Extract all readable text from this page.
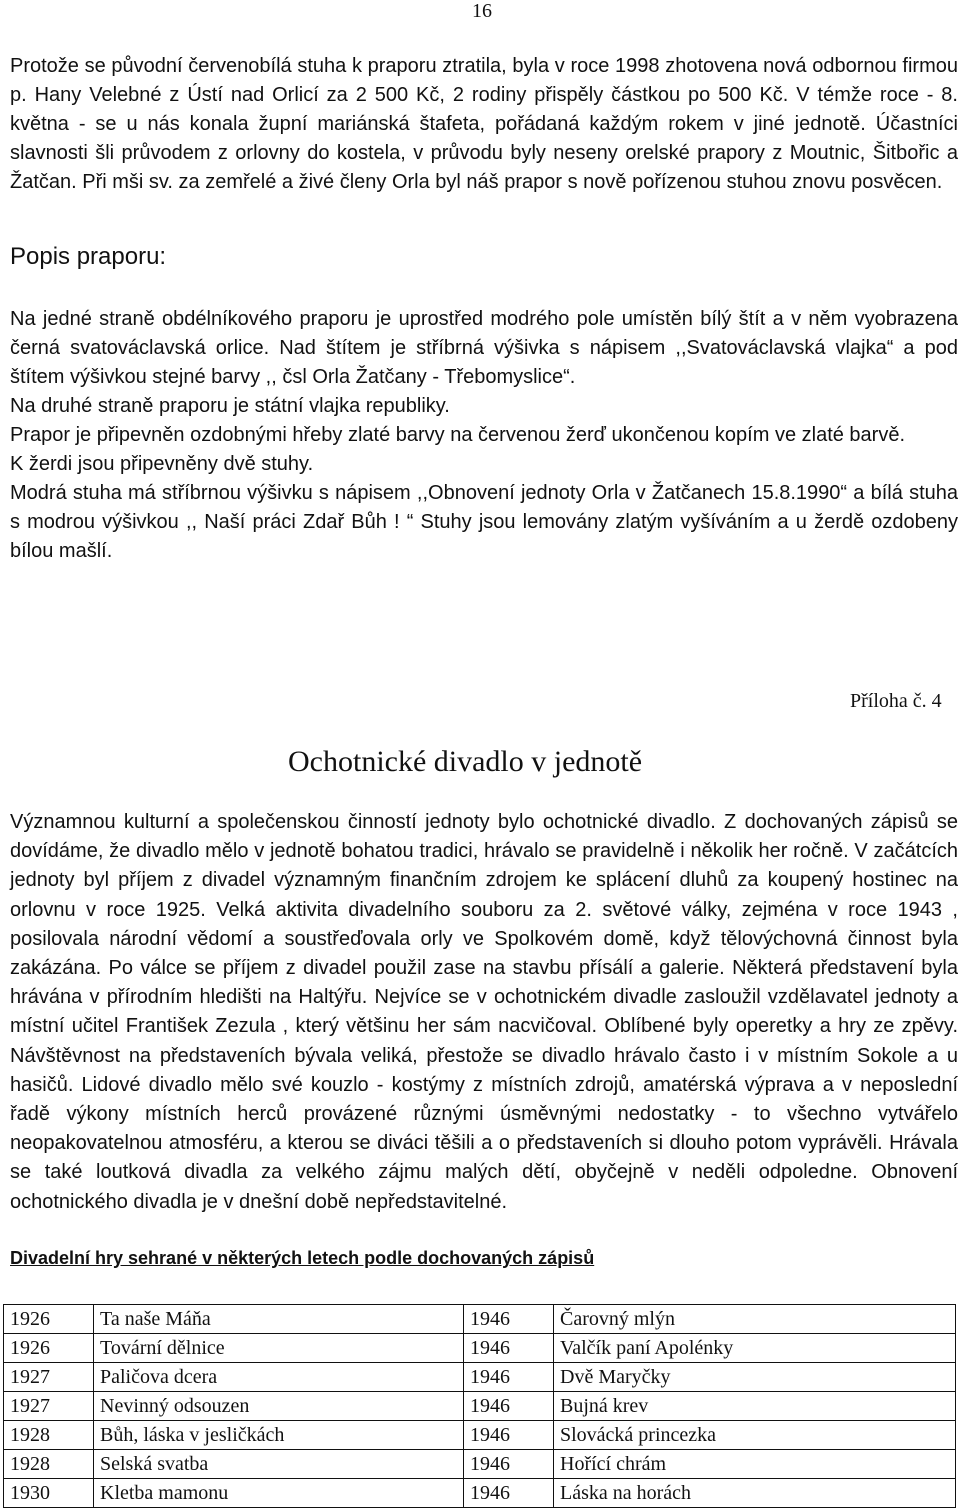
16

Protože se původní červenobílá stuha k praporu ztratila, byla v roce 1998 zhotovena nová odbornou firmou p. Hany Velebné z Ústí nad Orlicí za 2 500 Kč, 2 rodiny přispěly částkou po 500 Kč. V témže roce - 8. května - se u nás konala župní mariánská štafeta, pořádaná každým rokem v jiné jednotě. Účastníci slavnosti šli průvodem z orlovny do kostela, v průvodu byly neseny orelské prapory z Moutnic, Šitbořic a Žatčan. Při mši sv. za zemřelé a živé členy Orla byl náš prapor s nově pořízenou stuhou znovu posvěcen.

Popis praporu:
Na jedné straně obdélníkového praporu je uprostřed modrého pole umístěn bílý štít a v něm vyobrazena černá svatováclavská orlice. Nad štítem je stříbrná výšivka s nápisem ,,Svatováclavská vlajka“ a pod štítem výšivkou stejné barvy ,, čsl Orla Žatčany - Třebomyslice“.
Na druhé straně praporu je státní vlajka republiky.
Prapor je připevněn ozdobnými hřeby zlaté barvy na červenou žerď ukončenou kopím ve zlaté barvě.
K žerdi jsou připevněny dvě stuhy.
Modrá stuha má stříbrnou výšivku s nápisem ,,Obnovení jednoty Orla v Žatčanech 15.8.1990“ a bílá stuha s modrou výšivkou ,, Naší práci Zdař Bůh ! “ Stuhy jsou lemovány zlatým vyšíváním a u žerdě ozdobeny bílou mašlí.
Příloha č. 4
Ochotnické divadlo v jednotě

Významnou kulturní a společenskou činností jednoty bylo ochotnické divadlo. Z dochovaných zápisů se dovídáme, že divadlo mělo v jednotě bohatou tradici, hrávalo se pravidelně i několik her ročně. V začátcích jednoty byl příjem z divadel významným finančním zdrojem ke splácení dluhů za koupený hostinec na orlovnu v roce 1925. Velká aktivita divadelního souboru za 2. světové války, zejména v roce 1943 , posilovala národní vědomí a soustřeďovala orly ve Spolkovém domě, když tělovýchovná činnost byla zakázána. Po válce se příjem z divadel použil zase na stavbu přísálí a galerie. Některá představení byla hrávána v přírodním hledišti na Haltýřu. Nejvíce se v ochotnickém divadle zasloužil vzdělavatel jednoty a místní učitel František Zezula , který většinu her sám nacvičoval. Oblíbené byly operetky a hry ze zpěvy. Návštěvnost na představeních bývala veliká, přestože se divadlo hrávalo často i v místním Sokole a u hasičů. Lidové divadlo mělo své kouzlo - kostýmy z místních zdrojů, amatérská výprava a v neposlední řadě výkony místních herců provázené různými úsměvnými nedostatky - to všechno vytvářelo neopakovatelnou atmosféru, a kterou se diváci těšili a o představeních si dlouho potom vyprávěli. Hrávala se také loutková divadla za velkého zájmu malých dětí, obyčejně v neděli odpoledne. Obnovení ochotnického divadla je v dnešní době nepředstavitelné.

Divadelní hry sehrané v některých letech podle dochovaných zápisů
1926	Ta naše Máňa	1946	Čarovný mlýn
1926	Tovární dělnice	1946	Valčík paní Apolénky
1927	Paličova dcera	1946	Dvě Maryčky
1927	Nevinný odsouzen	1946	Bujná krev
1928	Bůh, láska v jesličkách	1946	Slovácká princezka
1928	Selská svatba	1946	Hořící chrám
1930	Kletba mamonu	1946	Láska na horách
